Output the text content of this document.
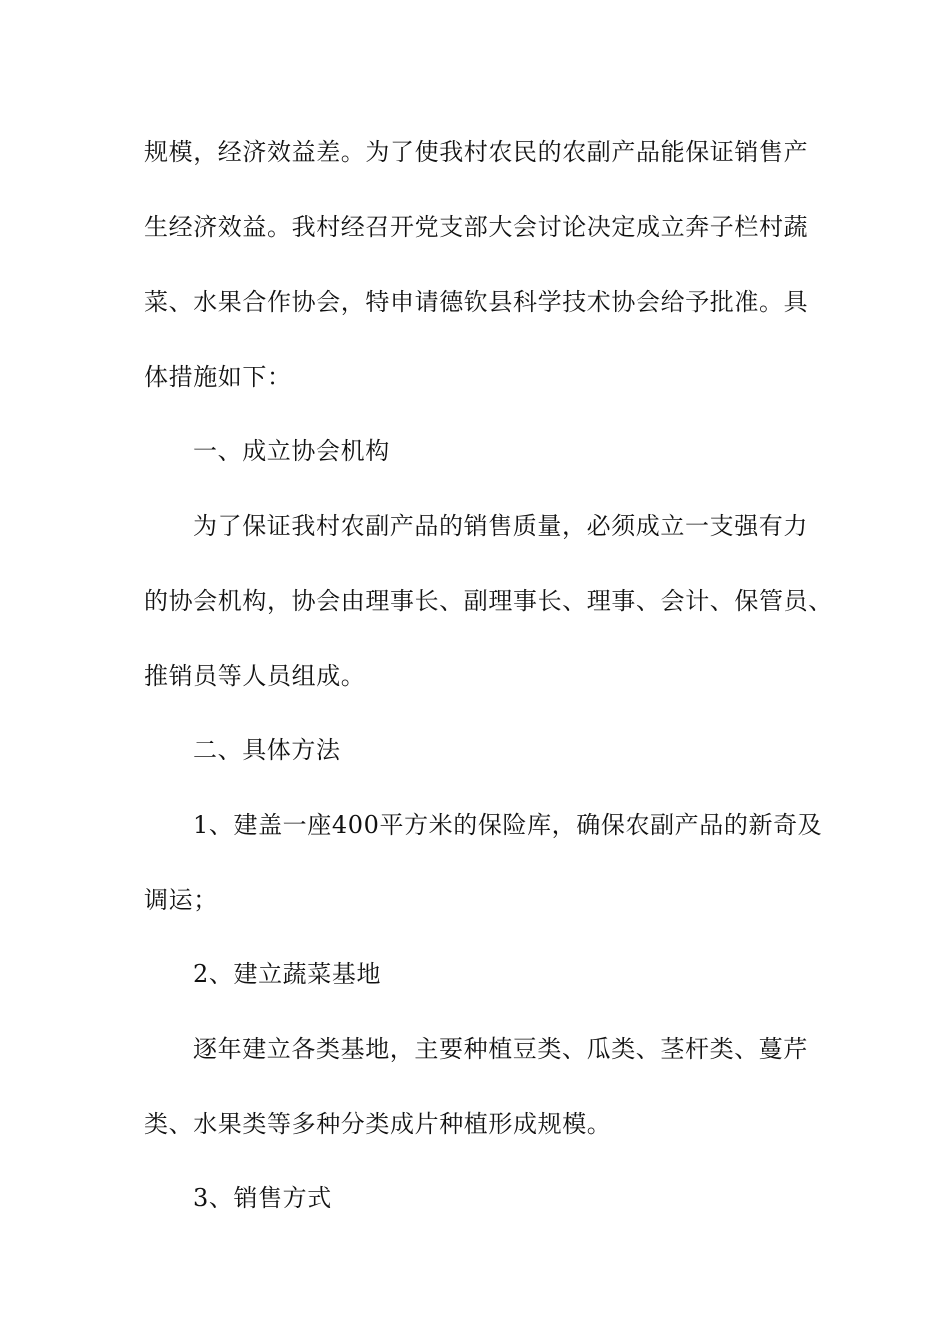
规模，经济效益差。为了使我村农民的农副产品能保证销售产
生经济效益。我村经召开党支部大会讨论决定成立奔子栏村蔬
菜、水果合作协会，特申请德钦县科学技术协会给予批准。具
体措施如下：
一、成立协会机构
为了保证我村农副产品的销售质量，必须成立一支强有力
的协会机构，协会由理事长、副理事长、理事、会计、保管员、
推销员等人员组成。
二、具体方法
1、建盖一座400平方米的保险库，确保农副产品的新奇及
调运；
2、建立蔬菜基地
逐年建立各类基地，主要种植豆类、瓜类、茎杆类、蔓芹
类、水果类等多种分类成片种植形成规模。
3、销售方式
